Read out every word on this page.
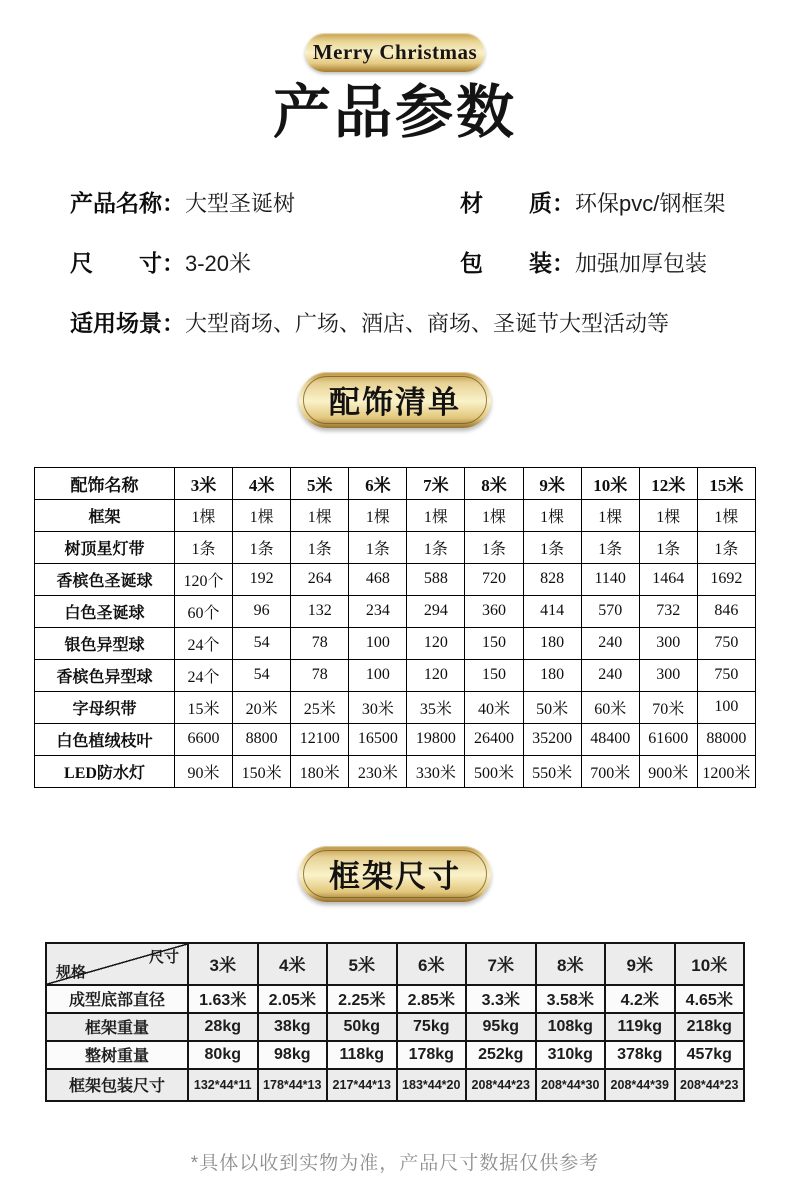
Merry Christmas
产品参数
产品名称：大型圣诞树	材　　质：环保pvc/钢框架
尺　　寸：3-20米	包　　装：加强加厚包装
适用场景：大型商场、广场、酒店、商场、圣诞节大型活动等
配饰清单
配饰名称	3米	4米	5米	6米	7米	8米	9米	10米	12米	15米
框架	1棵	1棵	1棵	1棵	1棵	1棵	1棵	1棵	1棵	1棵
树顶星灯带	1条	1条	1条	1条	1条	1条	1条	1条	1条	1条
香槟色圣诞球	120个	192	264	468	588	720	828	1140	1464	1692
白色圣诞球	60个	96	132	234	294	360	414	570	732	846
银色异型球	24个	54	78	100	120	150	180	240	300	750
香槟色异型球	24个	54	78	100	120	150	180	240	300	750
字母织带	15米	20米	25米	30米	35米	40米	50米	60米	70米	100
白色植绒枝叶	6600	8800	12100	16500	19800	26400	35200	48400	61600	88000
LED防水灯	90米	150米	180米	230米	330米	500米	550米	700米	900米	1200米
框架尺寸
尺寸
规格	3米	4米	5米	6米	7米	8米	9米	10米
成型底部直径	1.63米	2.05米	2.25米	2.85米	3.3米	3.58米	4.2米	4.65米
框架重量	28kg	38kg	50kg	75kg	95kg	108kg	119kg	218kg
整树重量	80kg	98kg	118kg	178kg	252kg	310kg	378kg	457kg
框架包装尺寸	132*44*11	178*44*13	217*44*13	183*44*20	208*44*23	208*44*30	208*44*39	208*44*23

*具体以收到实物为准，产品尺寸数据仅供参考
